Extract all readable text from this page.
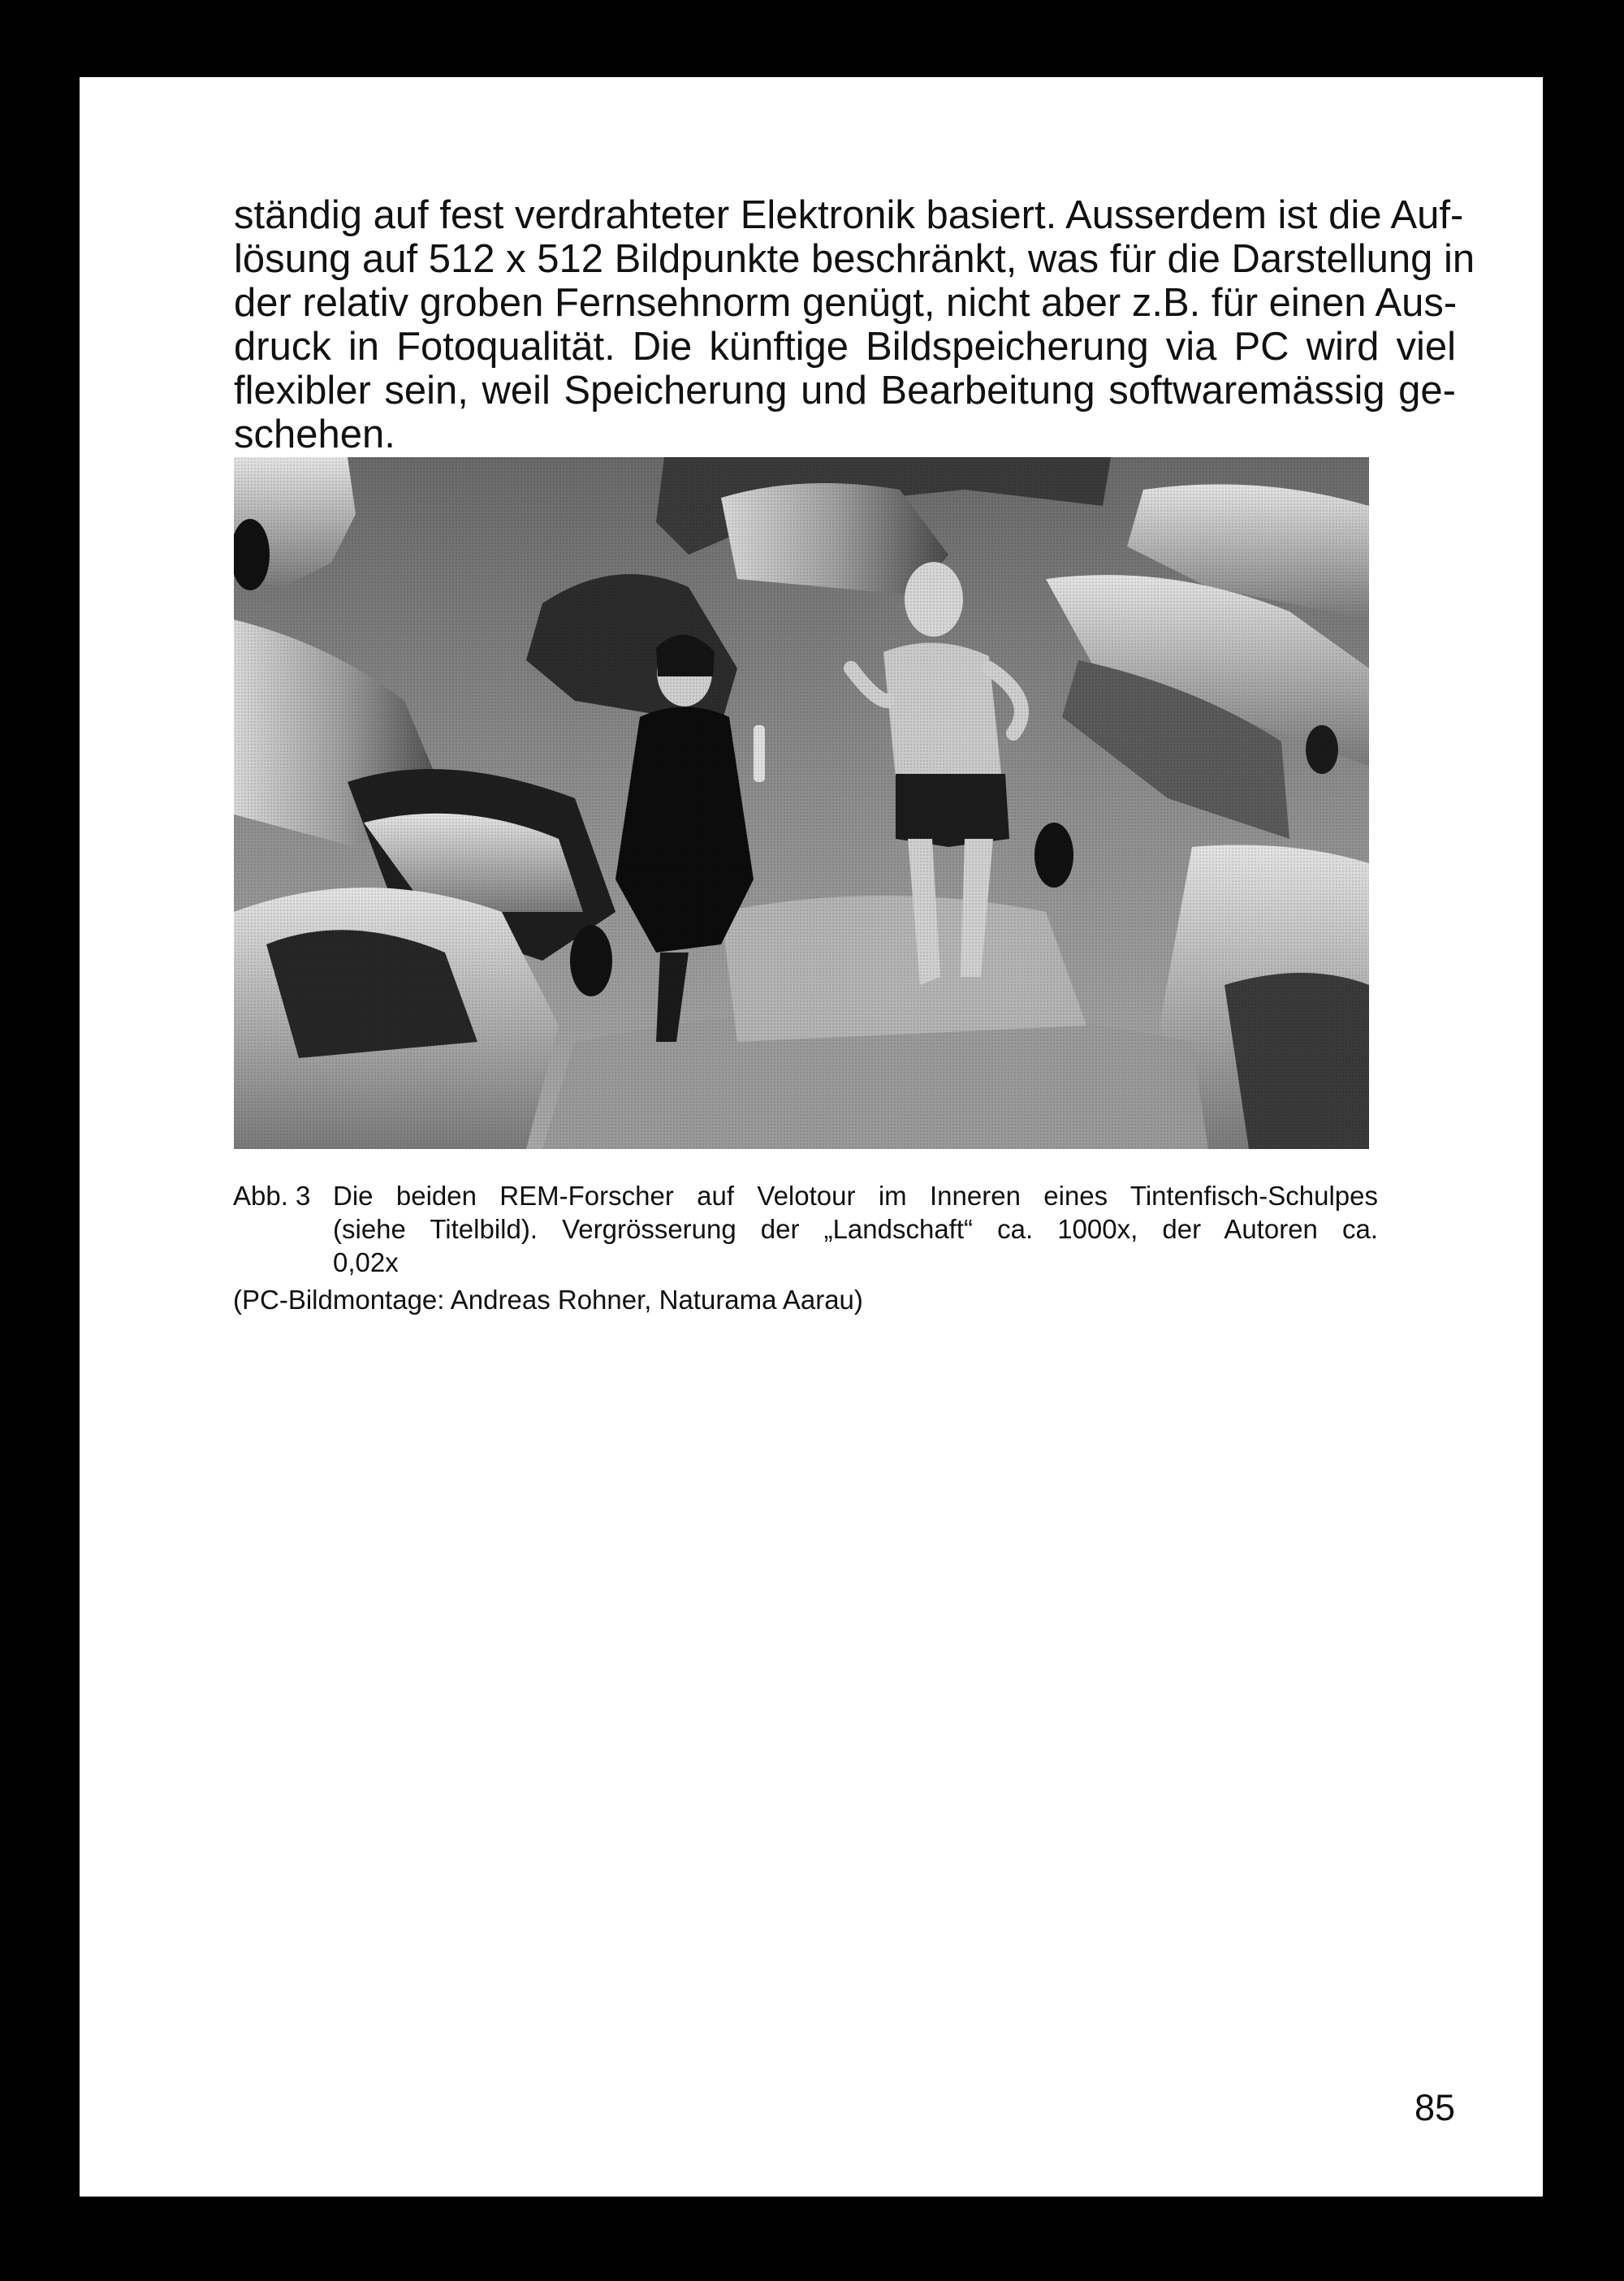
ständig auf fest verdrahteter Elektronik basiert. Ausserdem ist die Auf-
lösung auf 512 x 512 Bildpunkte beschränkt, was für die Darstellung in
der relativ groben Fernsehnorm genügt, nicht aber z.B. für einen Aus-
druck in Fotoqualität. Die künftige Bildspeicherung via PC wird viel
flexibler sein, weil Speicherung und Bearbeitung softwaremässig ge-
schehen.
Abb. 3 Die beiden REM-Forscher auf Velotour im Inneren eines Tintenfisch-Schulpes
(siehe Titelbild). Vergrösserung der „Landschaft“ ca. 1000x, der Autoren ca.
0,02x
(PC-Bildmontage: Andreas Rohner, Naturama Aarau)
85
